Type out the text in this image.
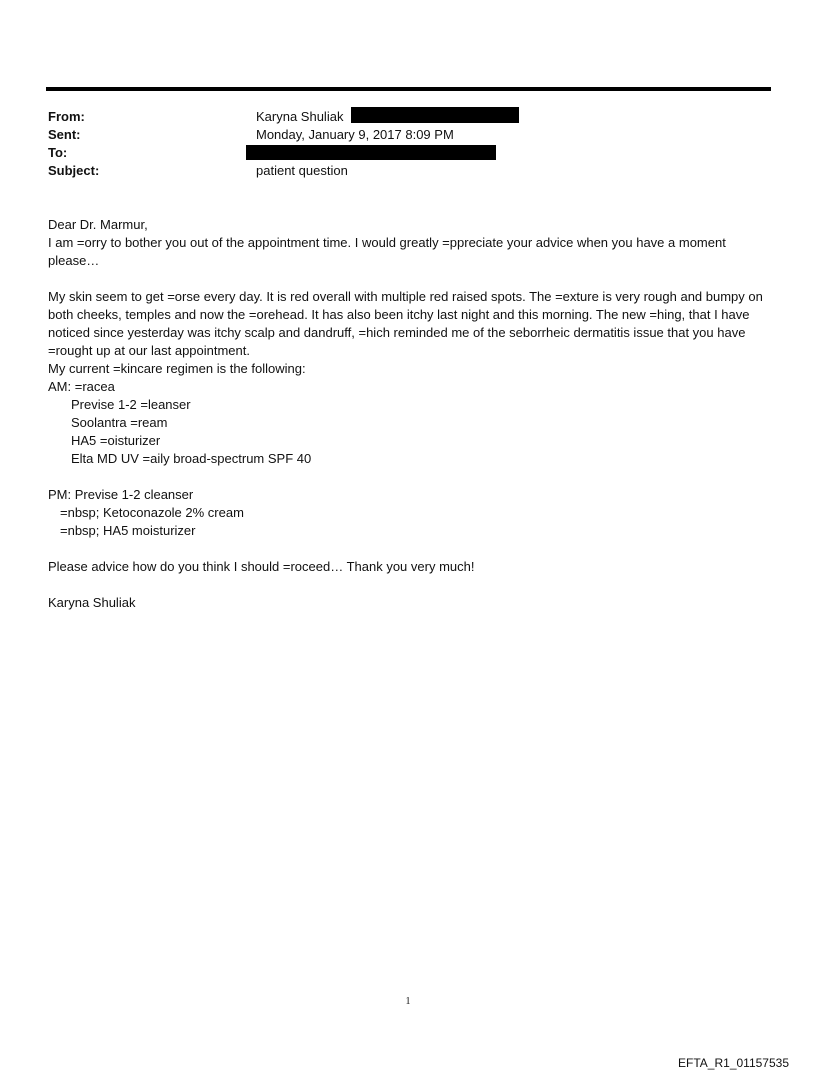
From:	Karyna Shuliak
Sent:	Monday, January 9, 2017 8:09 PM
To:
Subject:	patient question

Dear Dr. Marmur,

I am =orry to bother you out of the appointment time. I would greatly =ppreciate your advice when you have a moment please…

My skin seem to get =orse every day. It is red overall with multiple red raised spots. The =exture is very rough and bumpy on both cheeks, temples and now the =orehead. It has also been itchy last night and this morning. The new =hing, that I have noticed since yesterday was itchy scalp and dandruff, =hich reminded me of the seborrheic dermatitis issue that you have =rought up at our last appointment.

My current =kincare regimen is the following:

AM: =racea

Previse 1-2 =leanser

Soolantra =ream

HA5 =oisturizer

Elta MD UV =aily broad-spectrum SPF 40

PM: Previse 1-2 cleanser

=nbsp; Ketoconazole 2% cream

=nbsp; HA5 moisturizer

Please advice how do you think I should =roceed… Thank you very much!

Karyna Shuliak

1
EFTA_R1_01157535
